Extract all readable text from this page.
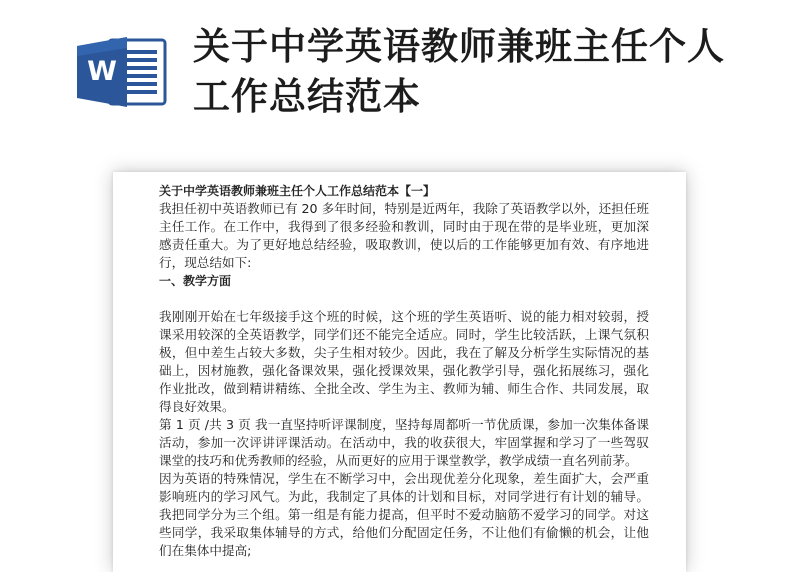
W
关于中学英语教师兼班主任个人工作总结范本

关于中学英语教师兼班主任个人工作总结范本【一】

我担任初中英语教师已有 20 多年时间，特别是近两年，我除了英语教学以外，还担任班主任工作。在工作中，我得到了很多经验和教训，同时由于现在带的是毕业班，更加深感责任重大。为了更好地总结经验，吸取教训，使以后的工作能够更加有效、有序地进行，现总结如下:

一、教学方面

我刚刚开始在七年级接手这个班的时候，这个班的学生英语听、说的能力相对较弱，授课采用较深的全英语教学，同学们还不能完全适应。同时，学生比较活跃，上课气氛积极，但中差生占较大多数，尖子生相对较少。因此，我在了解及分析学生实际情况的基础上，因材施教，强化备课效果，强化授课效果，强化教学引导，强化拓展练习，强化作业批改，做到精讲精练、全批全改、学生为主、教师为辅、师生合作、共同发展，取得良好效果。

第 1 页 /共 3 页 我一直坚持听评课制度，坚持每周都听一节优质课，参加一次集体备课活动，参加一次评讲评课活动。在活动中，我的收获很大，牢固掌握和学习了一些驾驭课堂的技巧和优秀教师的经验，从而更好的应用于课堂教学，教学成绩一直名列前茅。

因为英语的特殊情况，学生在不断学习中，会出现优差分化现象，差生面扩大，会严重影响班内的学习风气。为此，我制定了具体的计划和目标，对同学进行有计划的辅导。我把同学分为三个组。第一组是有能力提高，但平时不爱动脑筋不爱学习的同学。对这些同学，我采取集体辅导的方式，给他们分配固定任务，不让他们有偷懒的机会，让他们在集体中提高;
